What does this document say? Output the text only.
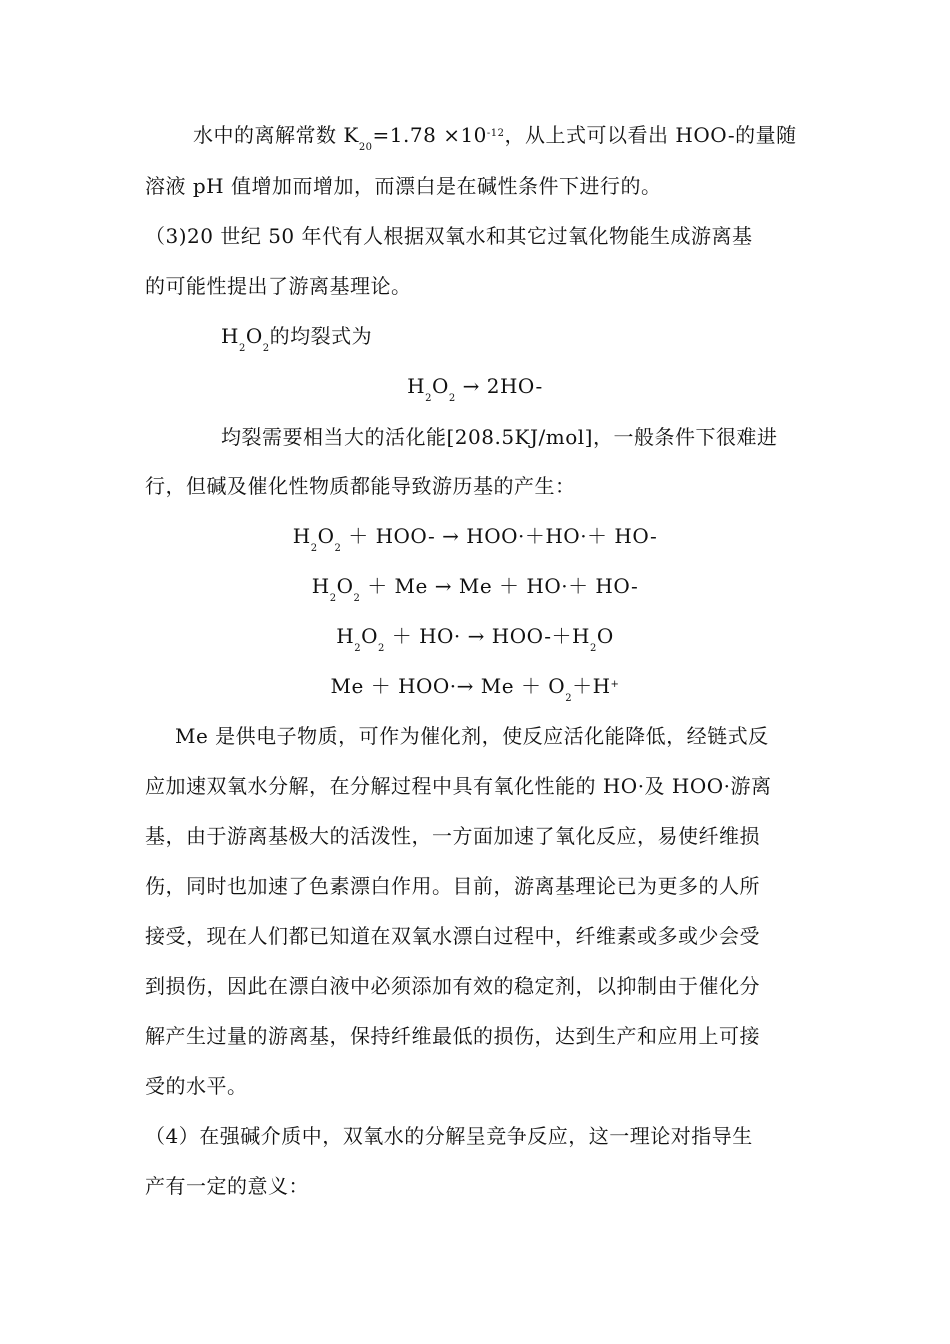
水中的离解常数 $K_{20}=1.78 \times 10^{-12}$，从上式可以看出 HOO-的量随
溶液 pH 值增加而增加，而漂白是在碱性条件下进行的。
（3)20 世纪 50 年代有人根据双氧水和其它过氧化物能生成游离基
的可能性提出了游离基理论。
$H_2O_2$的均裂式为
$H_2O_2 \to 2HO-$
均裂需要相当大的活化能[208.5KJ/mol]，一般条件下很难进
行，但碱及催化性物质都能导致游历基的产生：
$H_2O_2 + HOO- \to HOO\cdot+HO\cdot+ HO-$
$H_2O_2 + Me \to Me + HO\cdot+ HO-$
$H_2O_2 + HO\cdot \to HOO-+H_2O$
$Me + HOO\cdot\to Me + O_2+H^+$
Me 是供电子物质，可作为催化剂，使反应活化能降低，经链式反
应加速双氧水分解，在分解过程中具有氧化性能的 HO·及 HOO·游离
基，由于游离基极大的活泼性，一方面加速了氧化反应，易使纤维损
伤，同时也加速了色素漂白作用。目前，游离基理论已为更多的人所
接受，现在人们都已知道在双氧水漂白过程中，纤维素或多或少会受
到损伤，因此在漂白液中必须添加有效的稳定剂，以抑制由于催化分
解产生过量的游离基，保持纤维最低的损伤，达到生产和应用上可接
受的水平。
（4）在强碱介质中，双氧水的分解呈竞争反应，这一理论对指导生
产有一定的意义：
